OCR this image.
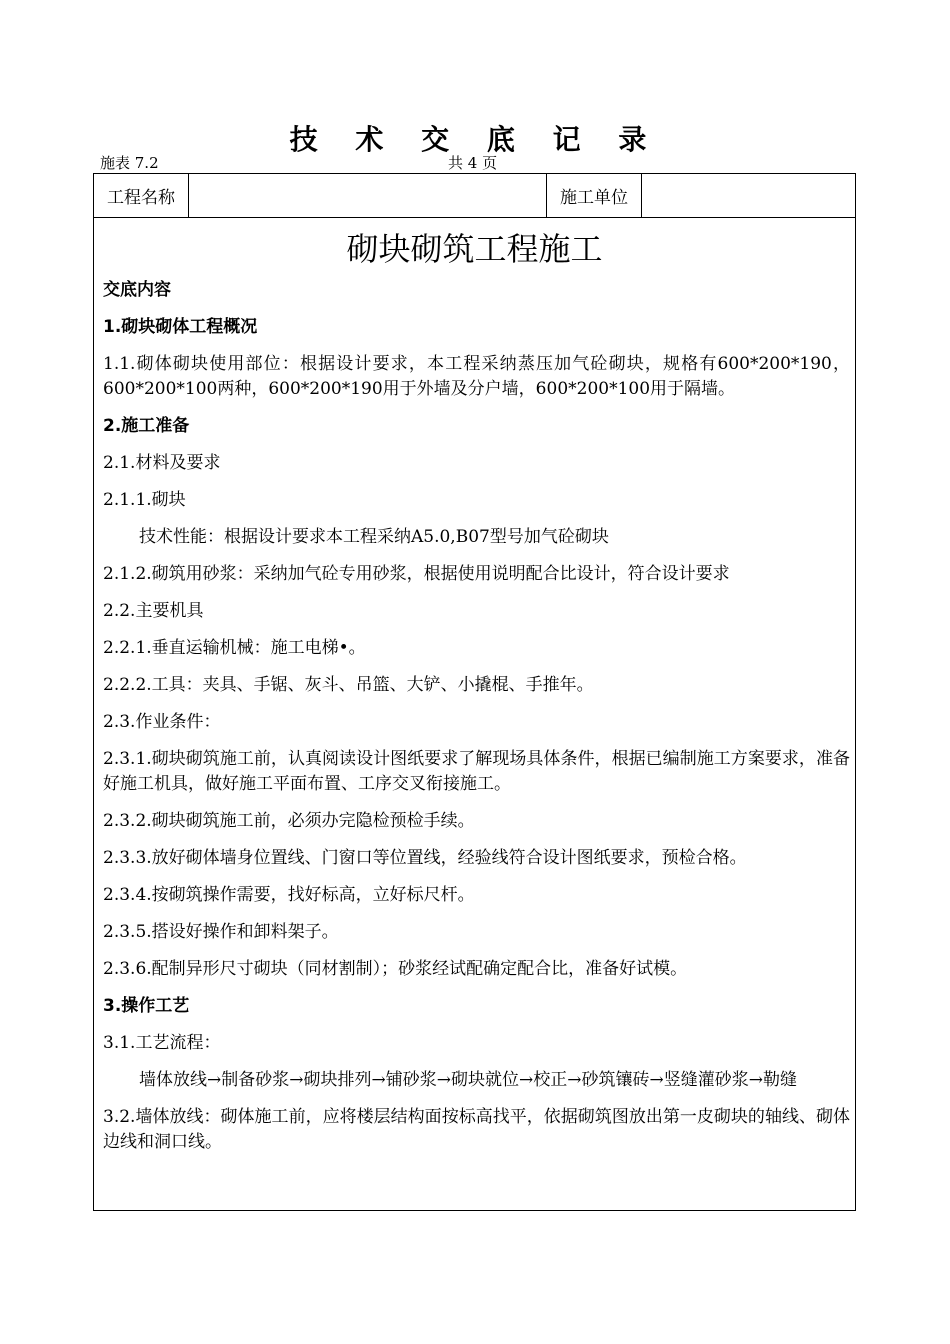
技 术 交 底 记 录
施表 7.2	共 4 页
工程名称	施工单位
砌块砌筑工程施工

交底内容

1.砌块砌体工程概况

1.1.砌体砌块使用部位：根据设计要求，本工程采纳蒸压加气砼砌块，规格有600*200*190，600*200*100两种，600*200*190用于外墙及分户墙，600*200*100用于隔墙。

2.施工准备

2.1.材料及要求

2.1.1.砌块

技术性能：根据设计要求本工程采纳A5.0,B07型号加气砼砌块

2.1.2.砌筑用砂浆：采纳加气砼专用砂浆，根据使用说明配合比设计，符合设计要求

2.2.主要机具

2.2.1.垂直运输机械：施工电梯•。

2.2.2.工具：夹具、手锯、灰斗、吊篮、大铲、小撬棍、手推年。

2.3.作业条件：

2.3.1.砌块砌筑施工前，认真阅读设计图纸要求了解现场具体条件，根据已编制施工方案要求，准备好施工机具，做好施工平面布置、工序交叉衔接施工。

2.3.2.砌块砌筑施工前，必须办完隐检预检手续。

2.3.3.放好砌体墙身位置线、门窗口等位置线，经验线符合设计图纸要求，预检合格。

2.3.4.按砌筑操作需要，找好标高，立好标尺杆。

2.3.5.搭设好操作和卸料架子。

2.3.6.配制异形尺寸砌块（同材割制）；砂浆经试配确定配合比，准备好试模。

3.操作工艺

3.1.工艺流程：

墙体放线→制备砂浆→砌块排列→铺砂浆→砌块就位→校正→砂筑镶砖→竖缝灌砂浆→勒缝

3.2.墙体放线：砌体施工前，应将楼层结构面按标高找平，依据砌筑图放出第一皮砌块的轴线、砌体边线和洞口线。
